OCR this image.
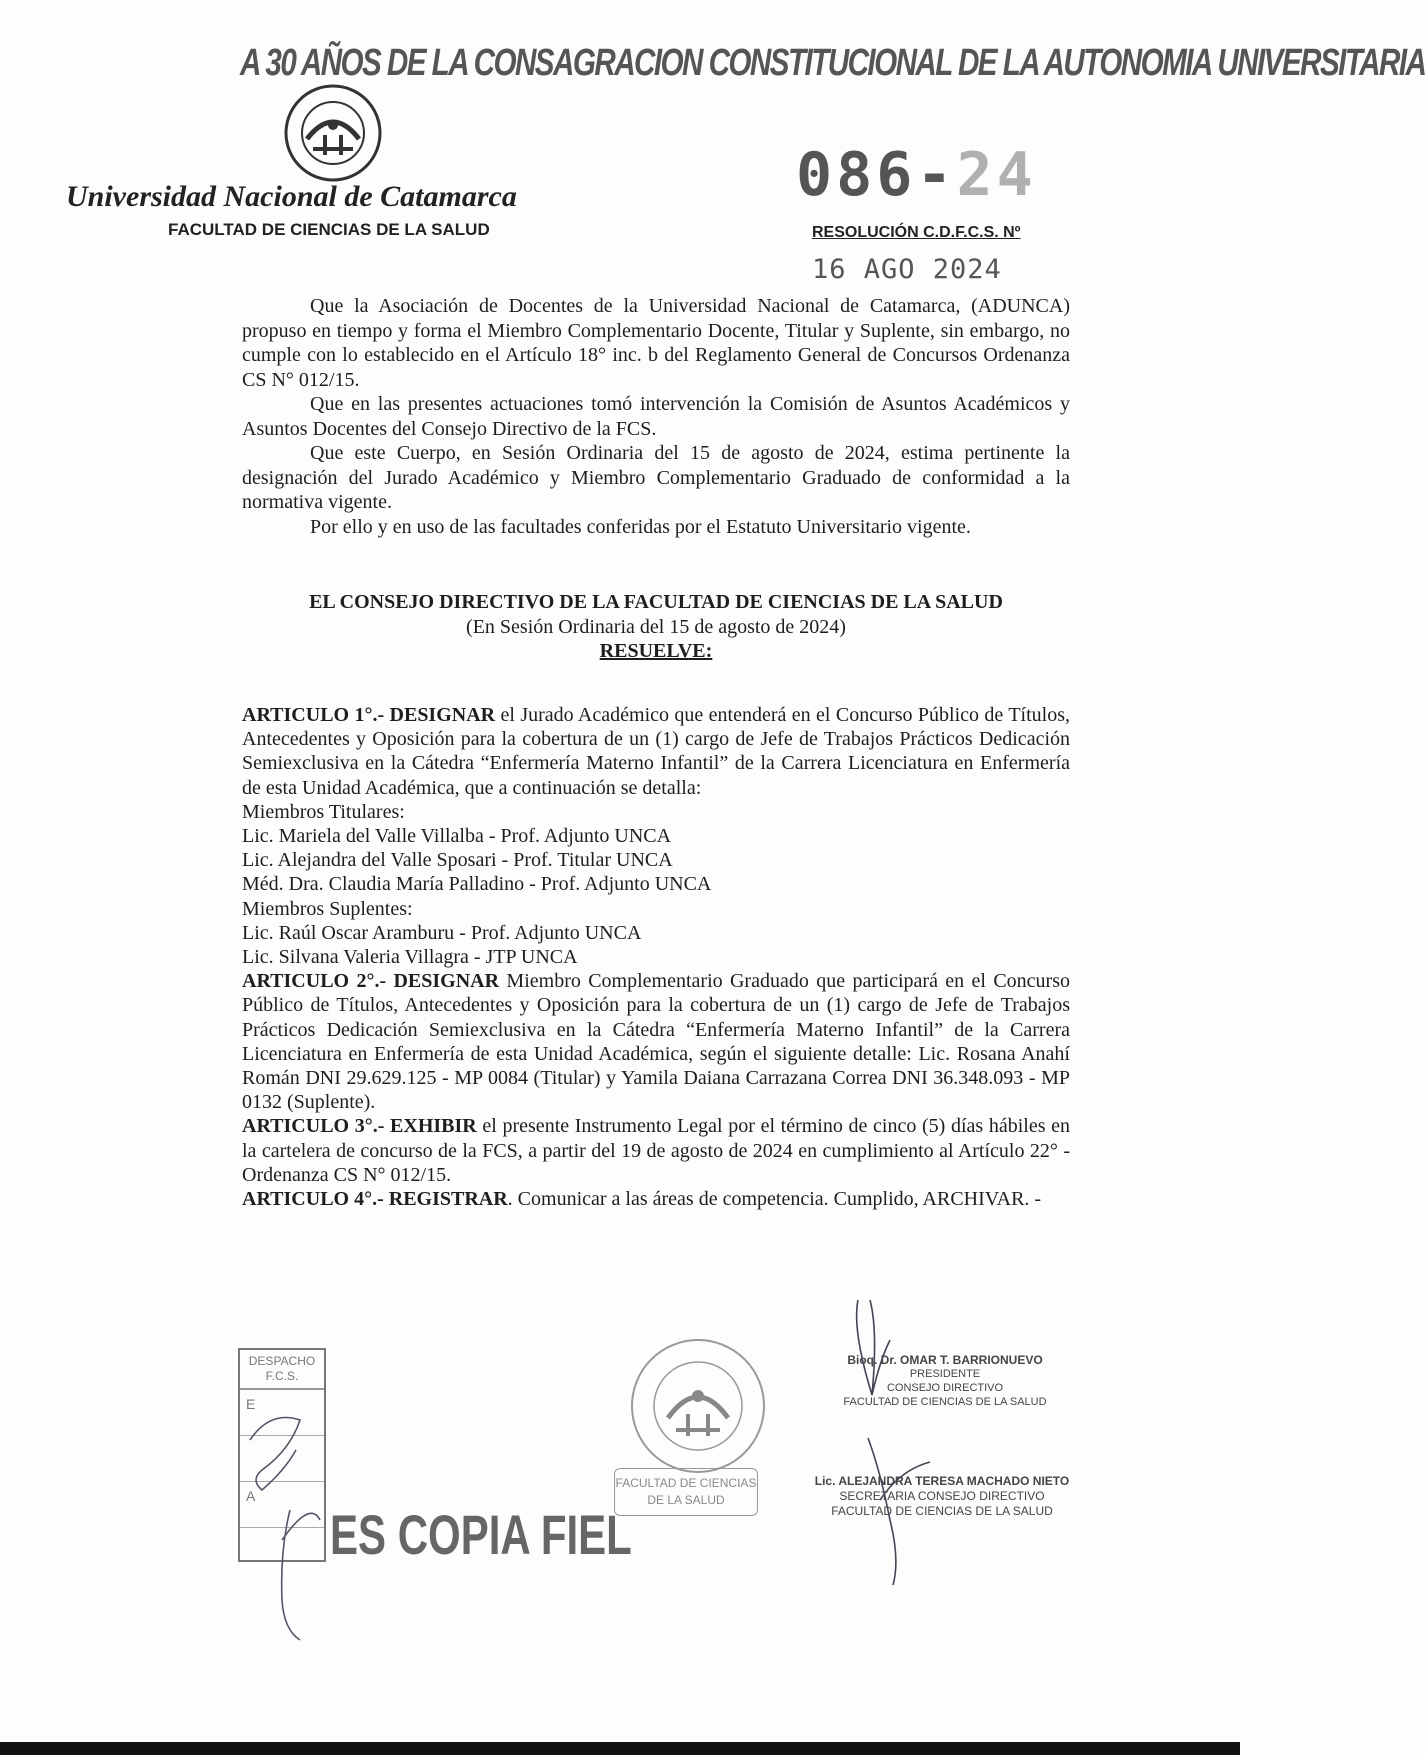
A 30 AÑOS DE LA CONSAGRACION CONSTITUCIONAL DE LA AUTONOMIA UNIVERSITARIA
Universidad Nacional de Catamarca
FACULTAD DE CIENCIAS DE LA SALUD
086-24
RESOLUCIÓN C.D.F.C.S. Nº
16 AGO 2024

Que la Asociación de Docentes de la Universidad Nacional de Catamarca, (ADUNCA) propuso en tiempo y forma el Miembro Complementario Docente, Titular y Suplente, sin embargo, no cumple con lo establecido en el Artículo 18° inc. b del Reglamento General de Concursos Ordenanza CS N° 012/15.

Que en las presentes actuaciones tomó intervención la Comisión de Asuntos Académicos y Asuntos Docentes del Consejo Directivo de la FCS.

Que este Cuerpo, en Sesión Ordinaria del 15 de agosto de 2024, estima pertinente la designación del Jurado Académico y Miembro Complementario Graduado de conformidad a la normativa vigente.

Por ello y en uso de las facultades conferidas por el Estatuto Universitario vigente.

EL CONSEJO DIRECTIVO DE LA FACULTAD DE CIENCIAS DE LA SALUD
(En Sesión Ordinaria del 15 de agosto de 2024)
RESUELVE:

ARTICULO 1°.- DESIGNAR el Jurado Académico que entenderá en el Concurso Público de Títulos, Antecedentes y Oposición para la cobertura de un (1) cargo de Jefe de Trabajos Prácticos Dedicación Semiexclusiva en la Cátedra “Enfermería Materno Infantil” de la Carrera Licenciatura en Enfermería de esta Unidad Académica, que a continuación se detalla:

Miembros Titulares:
Lic. Mariela del Valle Villalba - Prof. Adjunto UNCA
Lic. Alejandra del Valle Sposari - Prof. Titular UNCA
Méd. Dra. Claudia María Palladino - Prof. Adjunto UNCA
Miembros Suplentes:
Lic. Raúl Oscar Aramburu - Prof. Adjunto UNCA
Lic. Silvana Valeria Villagra - JTP UNCA

ARTICULO 2°.- DESIGNAR Miembro Complementario Graduado que participará en el Concurso Público de Títulos, Antecedentes y Oposición para la cobertura de un (1) cargo de Jefe de Trabajos Prácticos Dedicación Semiexclusiva en la Cátedra “Enfermería Materno Infantil” de la Carrera Licenciatura en Enfermería de esta Unidad Académica, según el siguiente detalle: Lic. Rosana Anahí Román DNI 29.629.125 - MP 0084 (Titular) y Yamila Daiana Carrazana Correa DNI 36.348.093 - MP 0132 (Suplente).

ARTICULO 3°.- EXHIBIR el presente Instrumento Legal por el término de cinco (5) días hábiles en la cartelera de concurso de la FCS, a partir del 19 de agosto de 2024 en cumplimiento al Artículo 22° - Ordenanza CS N° 012/15.

ARTICULO 4°.- REGISTRAR. Comunicar a las áreas de competencia. Cumplido, ARCHIVAR. -

DESPACHO
F.C.S.
E
A
ES COPIA FIEL
FACULTAD DE CIENCIAS
DE LA SALUD
Bioq. Dr. OMAR T. BARRIONUEVO
PRESIDENTE
CONSEJO DIRECTIVO
FACULTAD DE CIENCIAS DE LA SALUD
Lic. ALEJANDRA TERESA MACHADO NIETO
SECRETARIA CONSEJO DIRECTIVO
FACULTAD DE CIENCIAS DE LA SALUD
